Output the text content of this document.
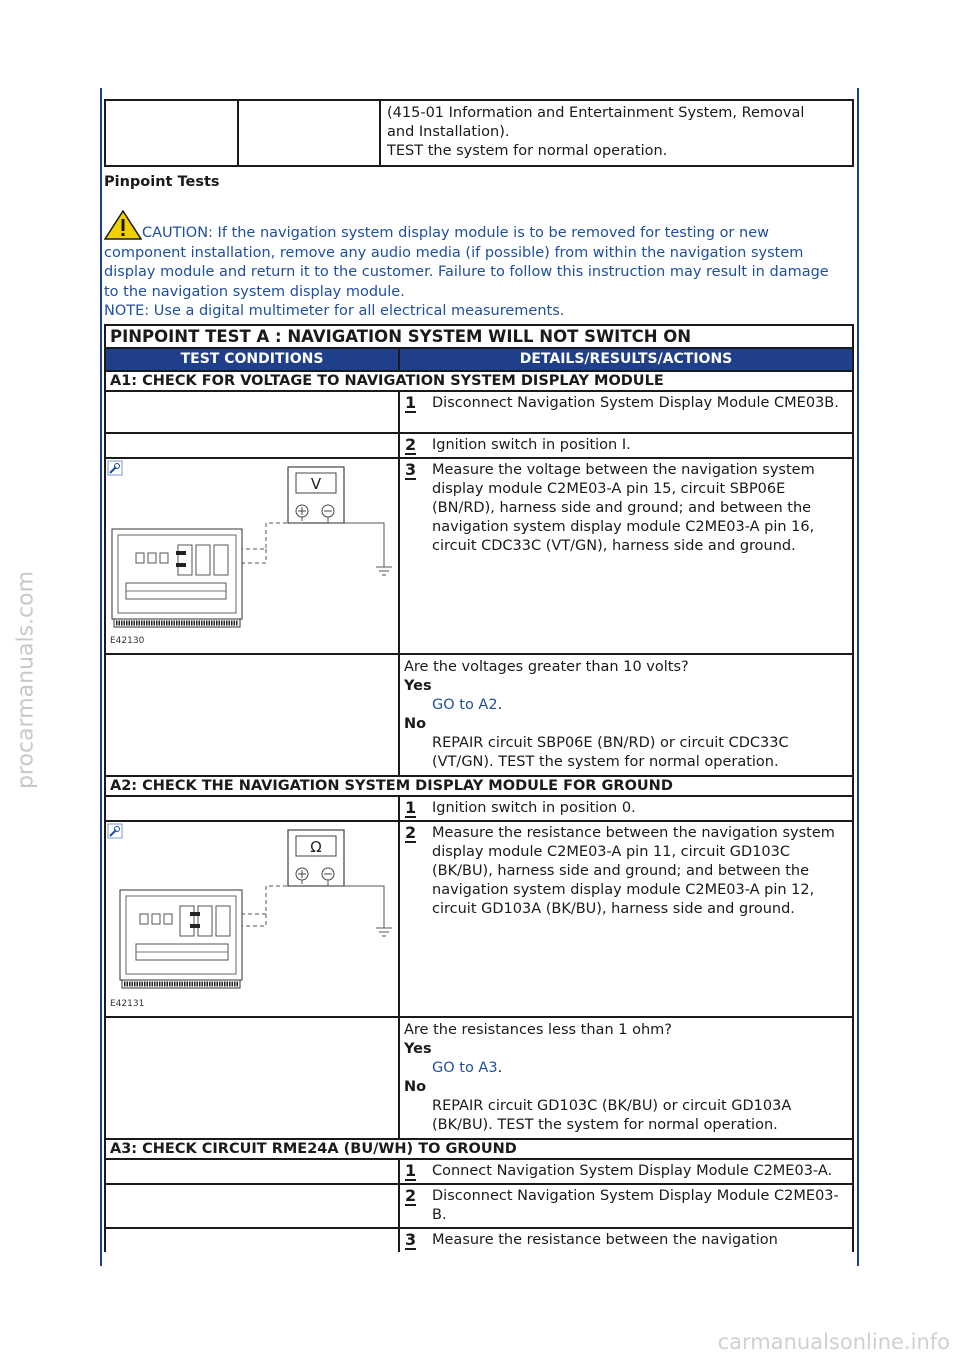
procarmanuals.com
carmanualsonline.info
		(415-01 Information and Entertainment System, Removal
and Installation).
TEST the system for normal operation.
Pinpoint Tests
CAUTION: If the navigation system display module is to be removed for testing or new component installation, remove any audio media (if possible) from within the navigation system display module and return it to the customer. Failure to follow this instruction may result in damage to the navigation system display module.
NOTE: Use a digital multimeter for all electrical measurements.
PINPOINT TEST A : NAVIGATION SYSTEM WILL NOT SWITCH ON	
TEST CONDITIONS	DETAILS/RESULTS/ACTIONS
A1: CHECK FOR VOLTAGE TO NAVIGATION SYSTEM DISPLAY MODULE	

	1 Disconnect Navigation System Display Module CME03B.

	2 Ignition switch in position I.

V
E42130	3 Measure the voltage between the navigation system display module C2ME03-A pin 15, circuit SBP06E (BN/RD), harness side and ground; and between the navigation system display module C2ME03-A pin 16, circuit CDC33C (VT/GN), harness side and ground.
	Are the voltages greater than 10 volts?
Yes
GO to A2.
No
REPAIR circuit SBP06E (BN/RD) or circuit CDC33C (VT/GN). TEST the system for normal operation.

A2: CHECK THE NAVIGATION SYSTEM DISPLAY MODULE FOR GROUND	

	1 Ignition switch in position 0.

Ω
E42131	2 Measure the resistance between the navigation system display module C2ME03-A pin 11, circuit GD103C (BK/BU), harness side and ground; and between the navigation system display module C2ME03-A pin 12, circuit GD103A (BK/BU), harness side and ground.
	Are the resistances less than 1 ohm?
Yes
GO to A3.
No
REPAIR circuit GD103C (BK/BU) or circuit GD103A (BK/BU). TEST the system for normal operation.

A3: CHECK CIRCUIT RME24A (BU/WH) TO GROUND	

	1 Connect Navigation System Display Module C2ME03-A.

	2 Disconnect Navigation System Display Module C2ME03-B.

	3 Measure the resistance between the navigation
